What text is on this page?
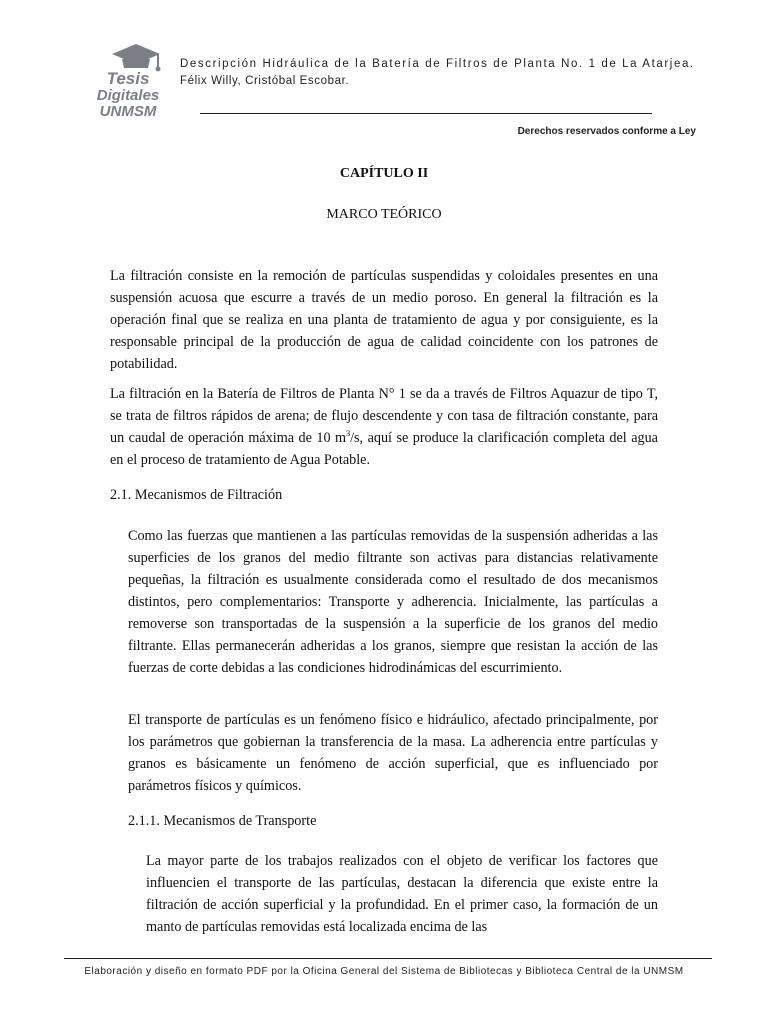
Tesis
Digitales
UNMSM
Descripción Hidráulica de la Batería de Filtros de Planta No. 1 de La Atarjea. Félix Willy, Cristóbal Escobar.
Derechos reservados conforme a Ley
CAPÍTULO II
MARCO TEÓRICO

La filtración consiste en la remoción de partículas suspendidas y coloidales presentes en una suspensión acuosa que escurre a través de un medio poroso. En general la filtración es la operación final que se realiza en una planta de tratamiento de agua y por consiguiente, es la responsable principal de la producción de agua de calidad coincidente con los patrones de potabilidad.

La filtración en la Batería de Filtros de Planta N° 1 se da a través de Filtros Aquazur de tipo T, se trata de filtros rápidos de arena; de flujo descendente y con tasa de filtración constante, para un caudal de operación máxima de 10 $m^3/s$, aquí se produce la clarificación completa del agua en el proceso de tratamiento de Agua Potable.

2.1. Mecanismos de Filtración

Como las fuerzas que mantienen a las partículas removidas de la suspensión adheridas a las superficies de los granos del medio filtrante son activas para distancias relativamente pequeñas, la filtración es usualmente considerada como el resultado de dos mecanismos distintos, pero complementarios: Transporte y adherencia. Inicialmente, las partículas a removerse son transportadas de la suspensión a la superficie de los granos del medio filtrante. Ellas permanecerán adheridas a los granos, siempre que resistan la acción de las fuerzas de corte debidas a las condiciones hidrodinámicas del escurrimiento.

El transporte de partículas es un fenómeno físico e hidráulico, afectado principalmente, por los parámetros que gobiernan la transferencia de la masa. La adherencia entre partículas y granos es básicamente un fenómeno de acción superficial, que es influenciado por parámetros físicos y químicos.

2.1.1. Mecanismos de Transporte

La mayor parte de los trabajos realizados con el objeto de verificar los factores que influencien el transporte de las partículas, destacan la diferencia que existe entre la filtración de acción superficial y la profundidad. En el primer caso, la formación de un manto de partículas removidas está localizada encima de las

Elaboración y diseño en formato PDF por la Oficina General del Sistema de Bibliotecas y Biblioteca Central de la UNMSM
